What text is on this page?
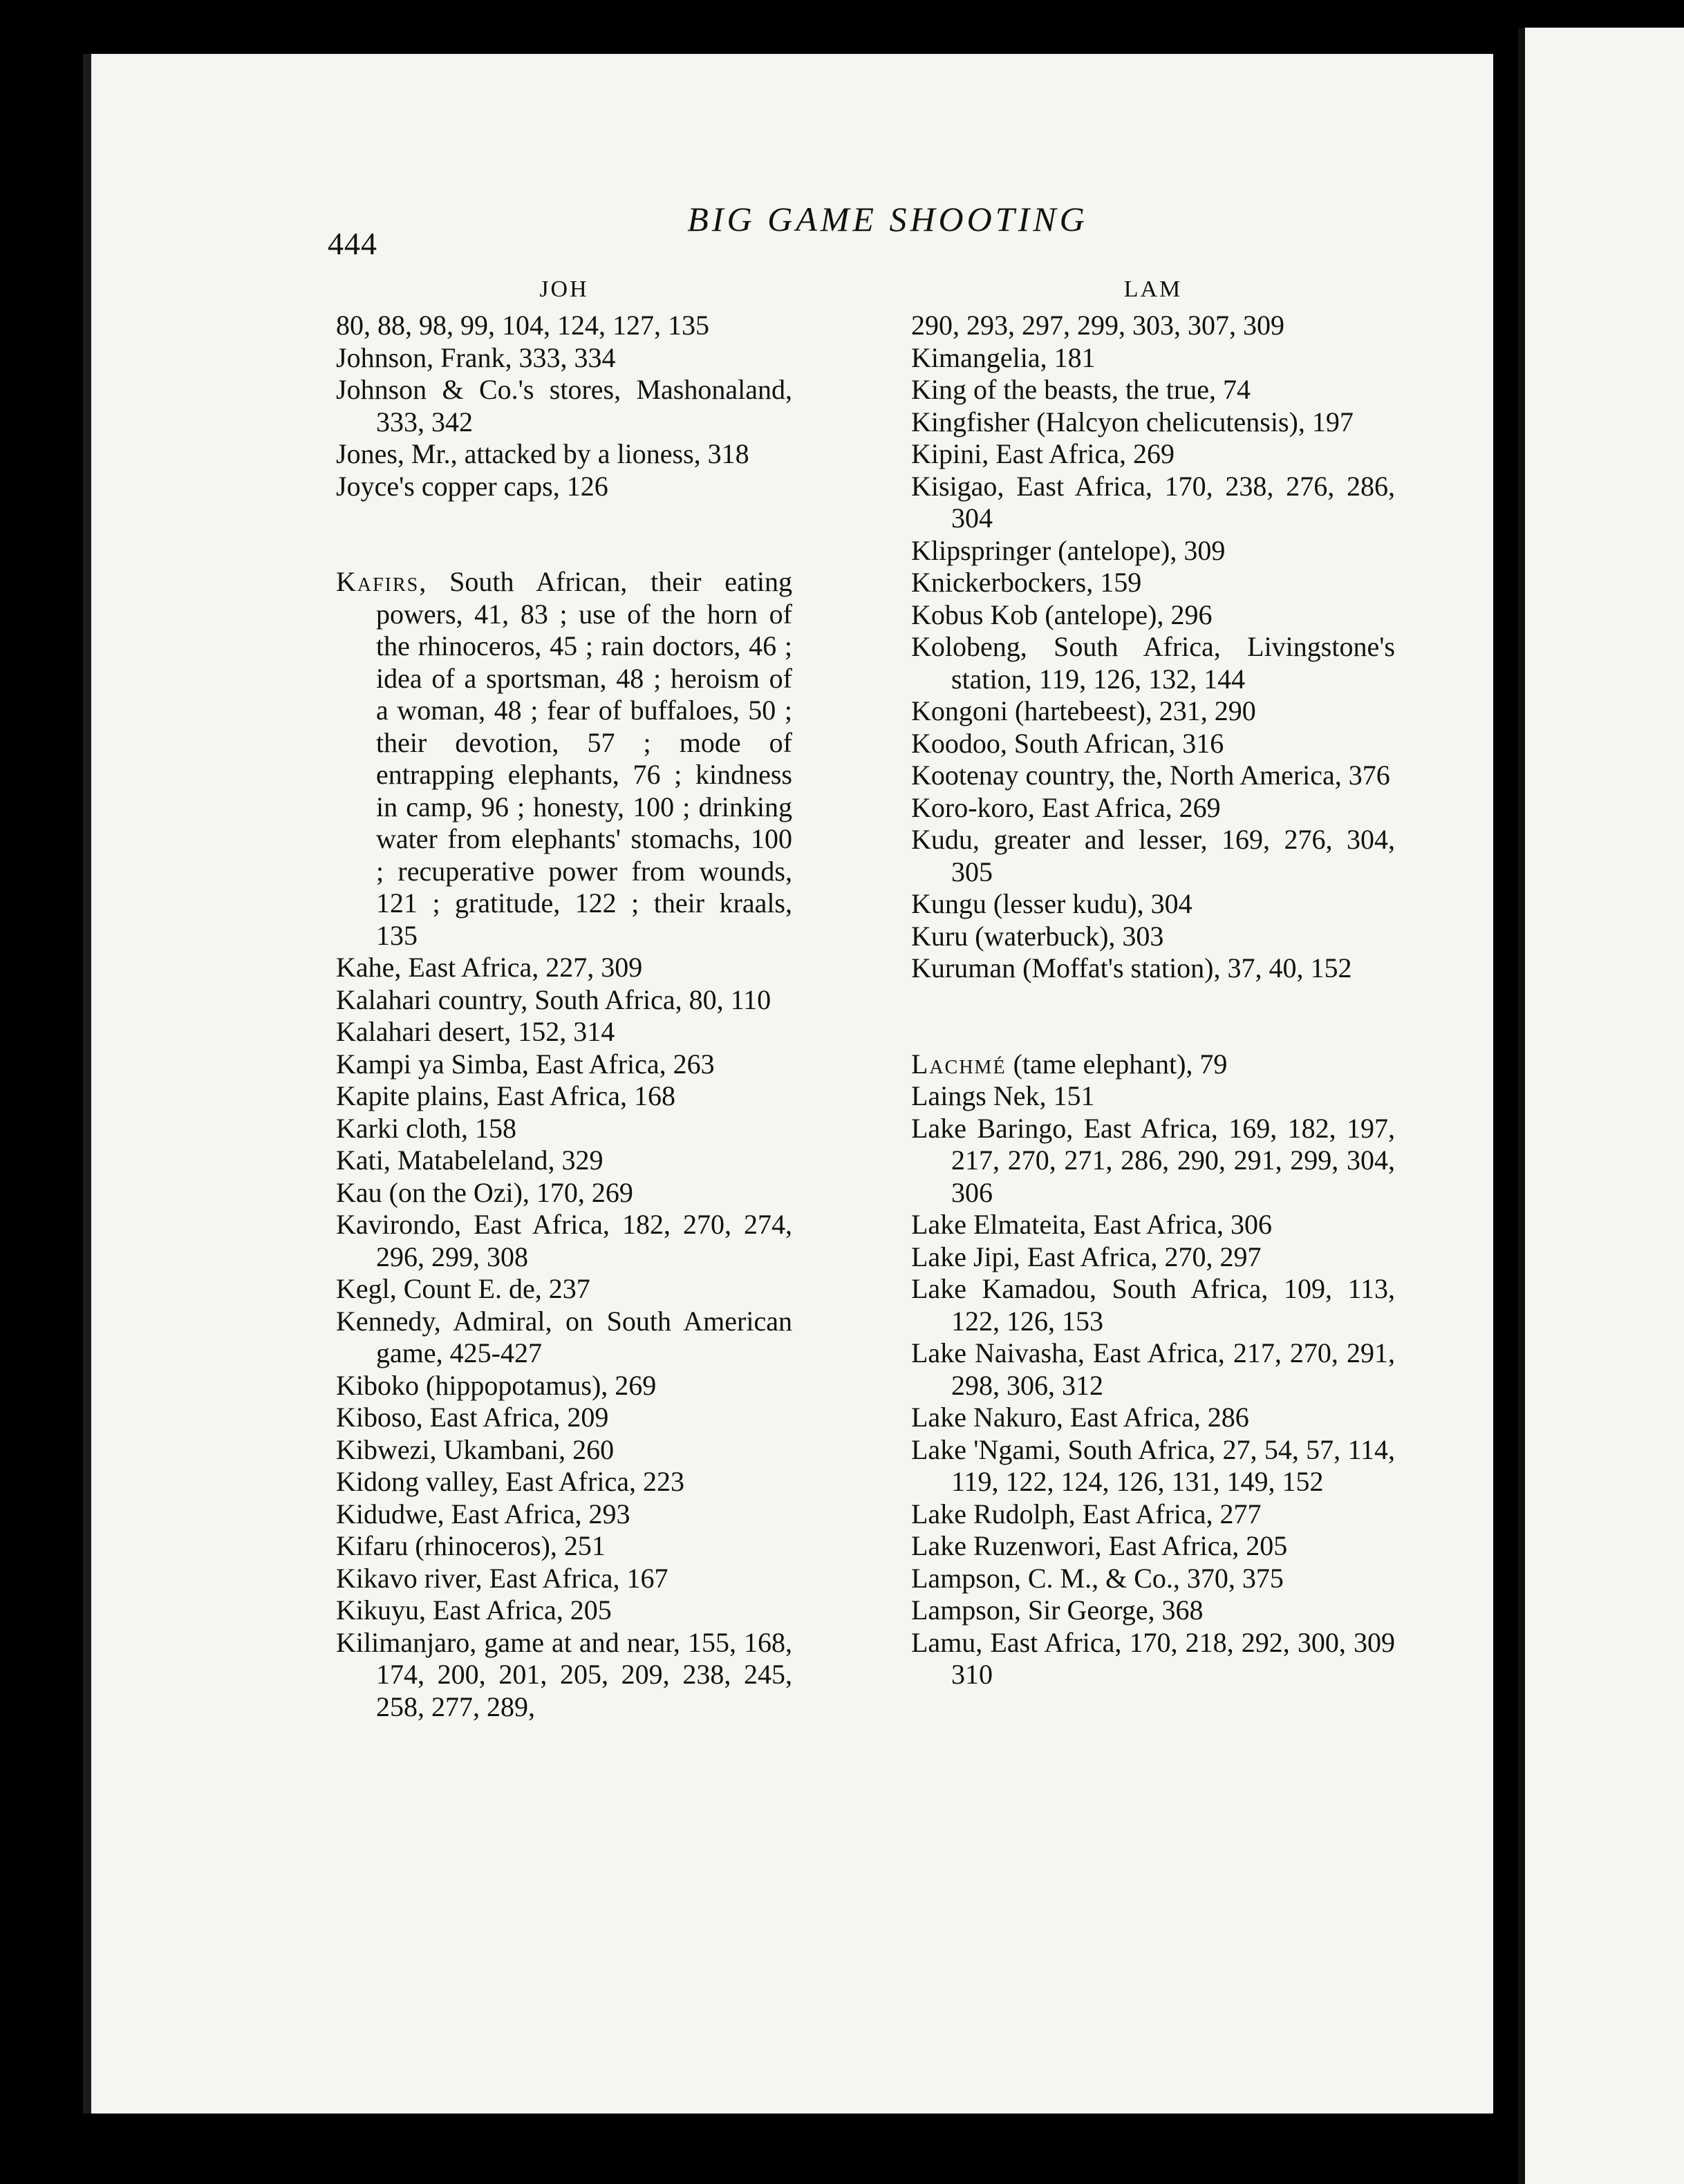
444
BIG GAME SHOOTING
JOH
80, 88, 98, 99, 104, 124, 127, 135
Johnson, Frank, 333, 334
Johnson & Co.'s stores, Mashonaland, 333, 342
Jones, Mr., attacked by a lioness, 318
Joyce's copper caps, 126
Kafirs, South African, their eating powers, 41, 83 ; use of the horn of the rhinoceros, 45 ; rain doctors, 46 ; idea of a sportsman, 48 ; heroism of a woman, 48 ; fear of buffaloes, 50 ; their devotion, 57 ; mode of entrapping elephants, 76 ; kindness in camp, 96 ; honesty, 100 ; drinking water from elephants' stomachs, 100 ; recuperative power from wounds, 121 ; gratitude, 122 ; their kraals, 135
Kahe, East Africa, 227, 309
Kalahari country, South Africa, 80, 110
Kalahari desert, 152, 314
Kampi ya Simba, East Africa, 263
Kapite plains, East Africa, 168
Karki cloth, 158
Kati, Matabeleland, 329
Kau (on the Ozi), 170, 269
Kavirondo, East Africa, 182, 270, 274, 296, 299, 308
Kegl, Count E. de, 237
Kennedy, Admiral, on South American game, 425-427
Kiboko (hippopotamus), 269
Kiboso, East Africa, 209
Kibwezi, Ukambani, 260
Kidong valley, East Africa, 223
Kidudwe, East Africa, 293
Kifaru (rhinoceros), 251
Kikavo river, East Africa, 167
Kikuyu, East Africa, 205
Kilimanjaro, game at and near, 155, 168, 174, 200, 201, 205, 209, 238, 245, 258, 277, 289,
LAM
290, 293, 297, 299, 303, 307, 309
Kimangelia, 181
King of the beasts, the true, 74
Kingfisher (Halcyon chelicutensis), 197
Kipini, East Africa, 269
Kisigao, East Africa, 170, 238, 276, 286, 304
Klipspringer (antelope), 309
Knickerbockers, 159
Kobus Kob (antelope), 296
Kolobeng, South Africa, Livingstone's station, 119, 126, 132, 144
Kongoni (hartebeest), 231, 290
Koodoo, South African, 316
Kootenay country, the, North America, 376
Koro-koro, East Africa, 269
Kudu, greater and lesser, 169, 276, 304, 305
Kungu (lesser kudu), 304
Kuru (waterbuck), 303
Kuruman (Moffat's station), 37, 40, 152
Lachmé (tame elephant), 79
Laings Nek, 151
Lake Baringo, East Africa, 169, 182, 197, 217, 270, 271, 286, 290, 291, 299, 304, 306
Lake Elmateita, East Africa, 306
Lake Jipi, East Africa, 270, 297
Lake Kamadou, South Africa, 109, 113, 122, 126, 153
Lake Naivasha, East Africa, 217, 270, 291, 298, 306, 312
Lake Nakuro, East Africa, 286
Lake 'Ngami, South Africa, 27, 54, 57, 114, 119, 122, 124, 126, 131, 149, 152
Lake Rudolph, East Africa, 277
Lake Ruzenwori, East Africa, 205
Lampson, C. M., & Co., 370, 375
Lampson, Sir George, 368
Lamu, East Africa, 170, 218, 292, 300, 309 310
